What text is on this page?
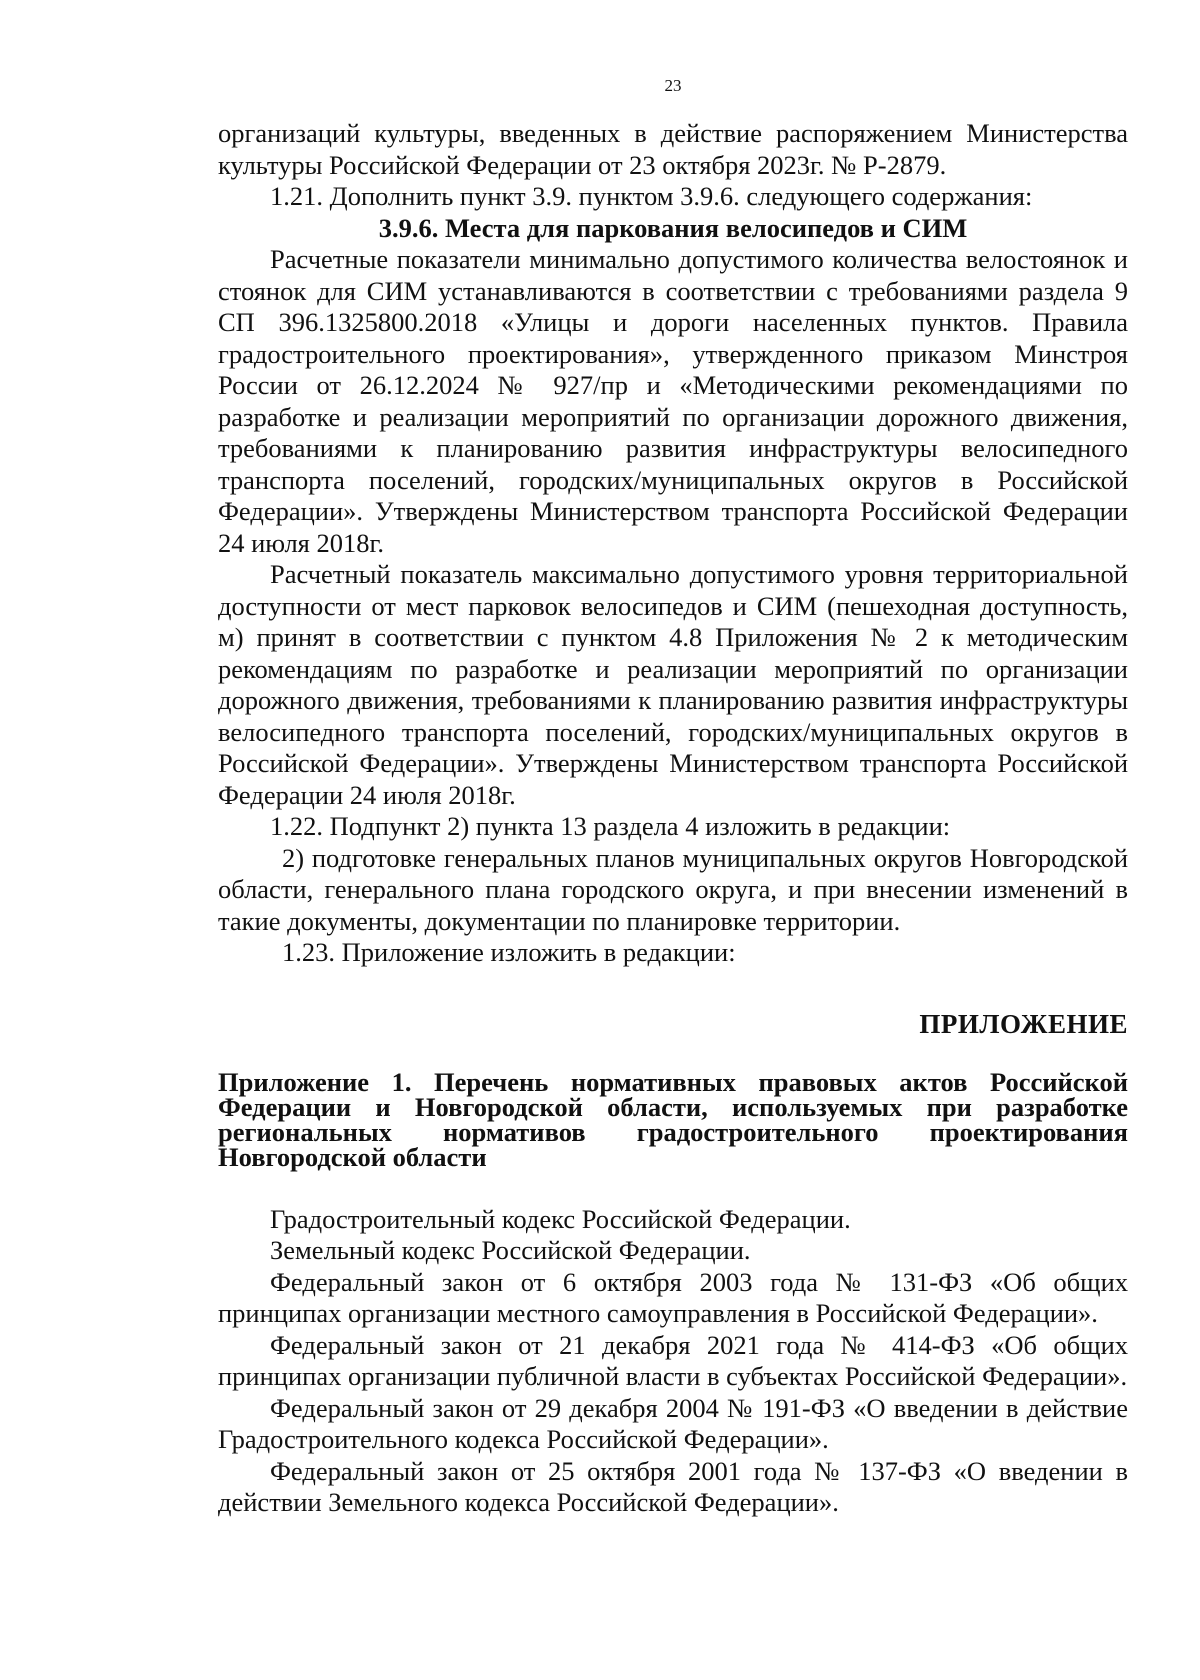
23

организаций культуры, введенных в действие распоряжением Министерства культуры Российской Федерации от 23 октября 2023г. № Р-2879.

1.21. Дополнить пункт 3.9. пунктом 3.9.6. следующего содержания:

3.9.6. Места для паркования велосипедов и СИМ

Расчетные показатели минимально допустимого количества велостоянок и стоянок для СИМ устанавливаются в соответствии с требованиями раздела 9 СП 396.1325800.2018 «Улицы и дороги населенных пунктов. Правила градостроительного проектирования», утвержденного приказом Минстроя России от 26.12.2024 № 927/пр и «Методическими рекомендациями по разработке и реализации мероприятий по организации дорожного движения, требованиями к планированию развития инфраструктуры велосипедного транспорта поселений, городских/муниципальных округов в Российской Федерации». Утверждены Министерством транспорта Российской Федерации 24 июля 2018г.

Расчетный показатель максимально допустимого уровня территориальной доступности от мест парковок велосипедов и СИМ (пешеходная доступность, м) принят в соответствии с пунктом 4.8 Приложения № 2 к методическим рекомендациям по разработке и реализации мероприятий по организации дорожного движения, требованиями к планированию развития инфраструктуры велосипедного транспорта поселений, городских/муниципальных округов в Российской Федерации». Утверждены Министерством транспорта Российской Федерации 24 июля 2018г.

1.22. Подпункт 2) пункта 13 раздела 4 изложить в редакции:

2) подготовке генеральных планов муниципальных округов Новгородской области, генерального плана городского округа, и при внесении изменений в такие документы, документации по планировке территории.

1.23. Приложение изложить в редакции:

ПРИЛОЖЕНИЕ
Приложение 1. Перечень нормативных правовых актов Российской Федерации и Новгородской области, используемых при разработке региональных нормативов градостроительного проектирования Новгородской области

Градостроительный кодекс Российской Федерации.

Земельный кодекс Российской Федерации.

Федеральный закон от 6 октября 2003 года № 131-ФЗ «Об общих принципах организации местного самоуправления в Российской Федерации».

Федеральный закон от 21 декабря 2021 года № 414-ФЗ «Об общих принципах организации публичной власти в субъектах Российской Федерации».

Федеральный закон от 29 декабря 2004 № 191-ФЗ «О введении в действие Градостроительного кодекса Российской Федерации».

Федеральный закон от 25 октября 2001 года № 137-ФЗ «О введении в действии Земельного кодекса Российской Федерации».
